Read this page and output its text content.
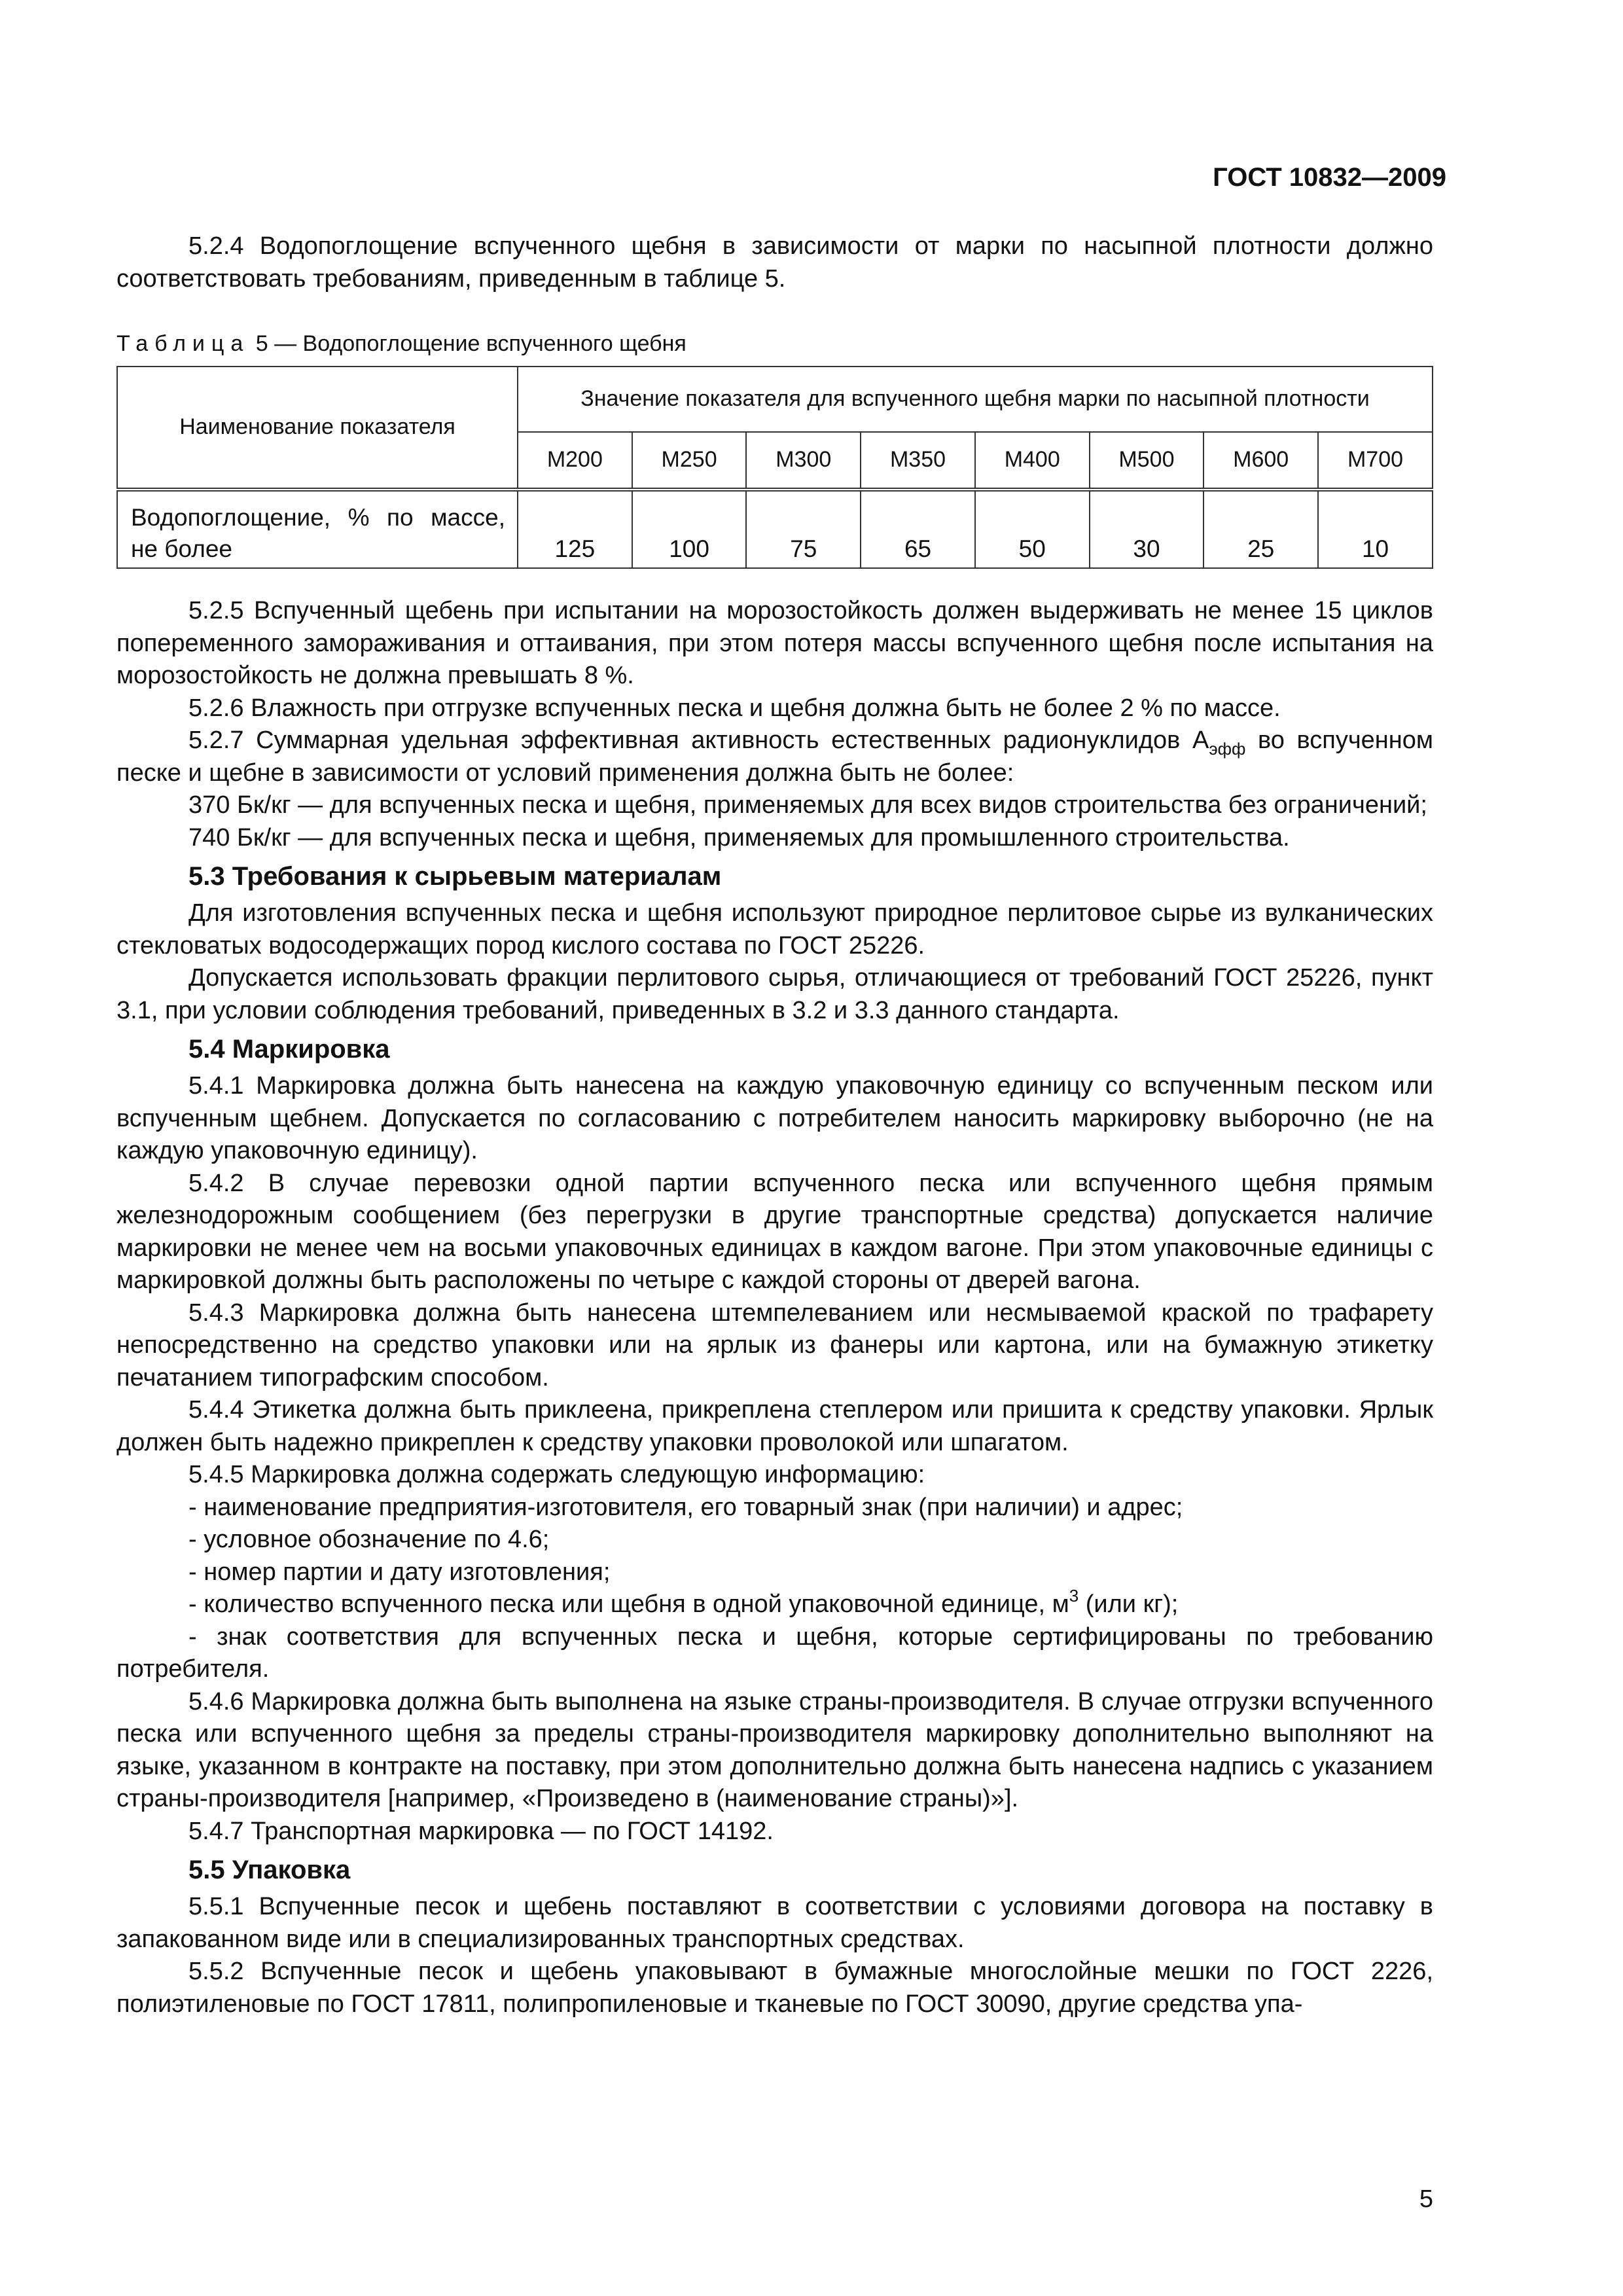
ГОСТ 10832—2009

5.2.4 Водопоглощение вспученного щебня в зависимости от марки по насыпной плотности должно соответствовать требованиям, приведенным в таблице 5.

Таблица 5 — Водопоглощение вспученного щебня
Наименование показателя	Значение показателя для вспученного щебня марки по насыпной плотности							
	М200	М250	М300	М350	М400	М500	М600	М700
Водопоглощение, % по массе, не более	125	100	75	65	50	30	25	10

5.2.5 Вспученный щебень при испытании на морозостойкость должен выдерживать не менее 15 циклов попеременного замораживания и оттаивания, при этом потеря массы вспученного щебня после испытания на морозостойкость не должна превышать 8 %.

5.2.6 Влажность при отгрузке вспученных песка и щебня должна быть не более 2 % по массе.

5.2.7 Суммарная удельная эффективная активность естественных радионуклидов $А_{эфф}$ во вспученном песке и щебне в зависимости от условий применения должна быть не более:

370 Бк/кг — для вспученных песка и щебня, применяемых для всех видов строительства без ограничений;

740 Бк/кг — для вспученных песка и щебня, применяемых для промышленного строительства.

5.3 Требования к сырьевым материалам

Для изготовления вспученных песка и щебня используют природное перлитовое сырье из вулканических стекловатых водосодержащих пород кислого состава по ГОСТ 25226.

Допускается использовать фракции перлитового сырья, отличающиеся от требований ГОСТ 25226, пункт 3.1, при условии соблюдения требований, приведенных в 3.2 и 3.3 данного стандарта.

5.4 Маркировка

5.4.1 Маркировка должна быть нанесена на каждую упаковочную единицу со вспученным песком или вспученным щебнем. Допускается по согласованию с потребителем наносить маркировку выборочно (не на каждую упаковочную единицу).

5.4.2 В случае перевозки одной партии вспученного песка или вспученного щебня прямым железнодорожным сообщением (без перегрузки в другие транспортные средства) допускается наличие маркировки не менее чем на восьми упаковочных единицах в каждом вагоне. При этом упаковочные единицы с маркировкой должны быть расположены по четыре с каждой стороны от дверей вагона.

5.4.3 Маркировка должна быть нанесена штемпелеванием или несмываемой краской по трафарету непосредственно на средство упаковки или на ярлык из фанеры или картона, или на бумажную этикетку печатанием типографским способом.

5.4.4 Этикетка должна быть приклеена, прикреплена степлером или пришита к средству упаковки. Ярлык должен быть надежно прикреплен к средству упаковки проволокой или шпагатом.

5.4.5 Маркировка должна содержать следующую информацию:

- наименование предприятия-изготовителя, его товарный знак (при наличии) и адрес;

- условное обозначение по 4.6;

- номер партии и дату изготовления;

- количество вспученного песка или щебня в одной упаковочной единице, $м^3$ (или кг);

- знак соответствия для вспученных песка и щебня, которые сертифицированы по требованию потребителя.

5.4.6 Маркировка должна быть выполнена на языке страны-производителя. В случае отгрузки вспученного песка или вспученного щебня за пределы страны-производителя маркировку дополнительно выполняют на языке, указанном в контракте на поставку, при этом дополнительно должна быть нанесена надпись с указанием страны-производителя [например, «Произведено в (наименование страны)»].

5.4.7 Транспортная маркировка — по ГОСТ 14192.

5.5 Упаковка

5.5.1 Вспученные песок и щебень поставляют в соответствии с условиями договора на поставку в запакованном виде или в специализированных транспортных средствах.

5.5.2 Вспученные песок и щебень упаковывают в бумажные многослойные мешки по ГОСТ 2226, полиэтиленовые по ГОСТ 17811, полипропиленовые и тканевые по ГОСТ 30090, другие средства упа-

5
